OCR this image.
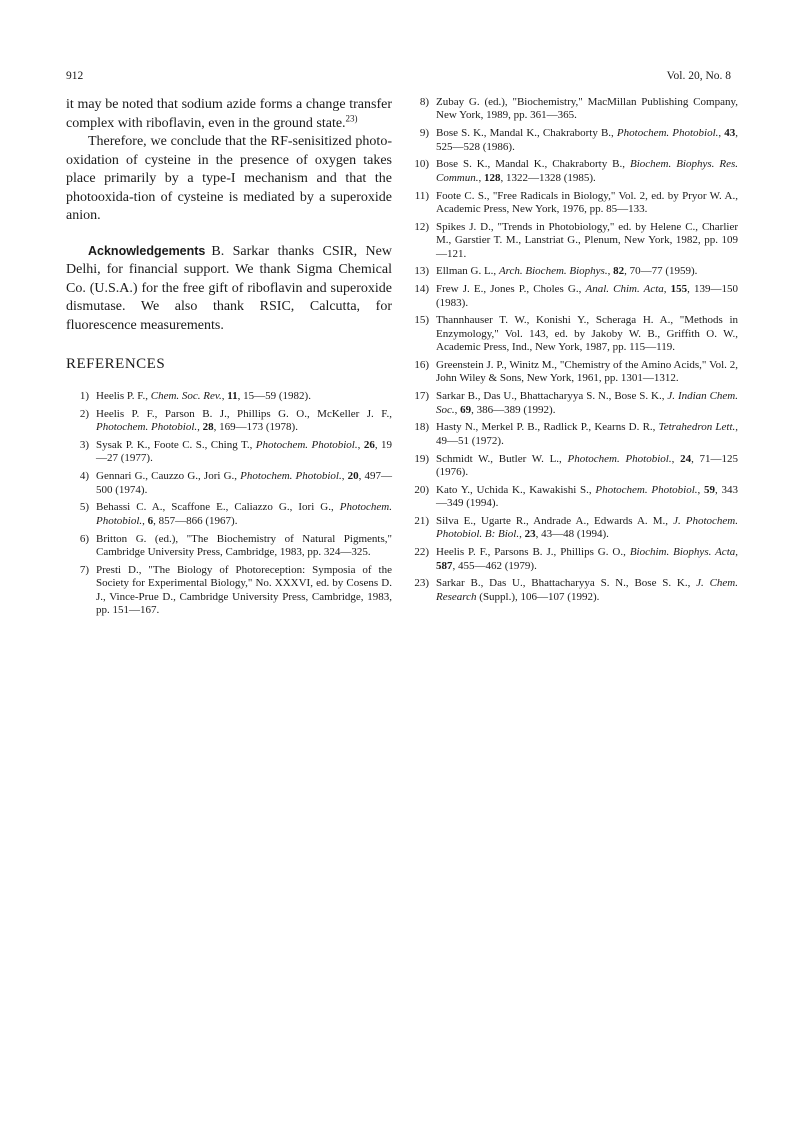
912	Vol. 20, No. 8

it may be noted that sodium azide forms a change transfer complex with riboflavin, even in the ground state.$^{23)}$

Therefore, we conclude that the RF-senisitized photo-oxidation of cysteine in the presence of oxygen takes place primarily by a type-I mechanism and that the photooxida-tion of cysteine is mediated by a superoxide anion.

Acknowledgements B. Sarkar thanks CSIR, New Delhi, for financial support. We thank Sigma Chemical Co. (U.S.A.) for the free gift of riboflavin and superoxide dismutase. We also thank RSIC, Calcutta, for fluorescence measurements.

REFERENCES
1) Heelis P. F., Chem. Soc. Rev., 11, 15—59 (1982).
2) Heelis P. F., Parson B. J., Phillips G. O., McKeller J. F., Photochem. Photobiol., 28, 169—173 (1978).
3) Sysak P. K., Foote C. S., Ching T., Photochem. Photobiol., 26, 19—27 (1977).
4) Gennari G., Cauzzo G., Jori G., Photochem. Photobiol., 20, 497—500 (1974).
5) Behassi C. A., Scaffone E., Caliazzo G., Iori G., Photochem. Photobiol., 6, 857—866 (1967).
6) Britton G. (ed.), "The Biochemistry of Natural Pigments," Cambridge University Press, Cambridge, 1983, pp. 324—325.
7) Presti D., "The Biology of Photoreception: Symposia of the Society for Experimental Biology," No. XXXVI, ed. by Cosens D. J., Vince-Prue D., Cambridge University Press, Cambridge, 1983, pp. 151—167.
8) Zubay G. (ed.), "Biochemistry," MacMillan Publishing Company, New York, 1989, pp. 361—365.
9) Bose S. K., Mandal K., Chakraborty B., Photochem. Photobiol., 43, 525—528 (1986).
10) Bose S. K., Mandal K., Chakraborty B., Biochem. Biophys. Res. Commun., 128, 1322—1328 (1985).
11) Foote C. S., "Free Radicals in Biology," Vol. 2, ed. by Pryor W. A., Academic Press, New York, 1976, pp. 85—133.
12) Spikes J. D., "Trends in Photobiology," ed. by Helene C., Charlier M., Garstier T. M., Lanstriat G., Plenum, New York, 1982, pp. 109—121.
13) Ellman G. L., Arch. Biochem. Biophys., 82, 70—77 (1959).
14) Frew J. E., Jones P., Choles G., Anal. Chim. Acta, 155, 139—150 (1983).
15) Thannhauser T. W., Konishi Y., Scheraga H. A., "Methods in Enzymology," Vol. 143, ed. by Jakoby W. B., Griffith O. W., Academic Press, Ind., New York, 1987, pp. 115—119.
16) Greenstein J. P., Winitz M., "Chemistry of the Amino Acids," Vol. 2, John Wiley & Sons, New York, 1961, pp. 1301—1312.
17) Sarkar B., Das U., Bhattacharyya S. N., Bose S. K., J. Indian Chem. Soc., 69, 386—389 (1992).
18) Hasty N., Merkel P. B., Radlick P., Kearns D. R., Tetrahedron Lett., 49—51 (1972).
19) Schmidt W., Butler W. L., Photochem. Photobiol., 24, 71—125 (1976).
20) Kato Y., Uchida K., Kawakishi S., Photochem. Photobiol., 59, 343—349 (1994).
21) Silva E., Ugarte R., Andrade A., Edwards A. M., J. Photochem. Photobiol. B: Biol., 23, 43—48 (1994).
22) Heelis P. F., Parsons B. J., Phillips G. O., Biochim. Biophys. Acta, 587, 455—462 (1979).
23) Sarkar B., Das U., Bhattacharyya S. N., Bose S. K., J. Chem. Research (Suppl.), 106—107 (1992).
